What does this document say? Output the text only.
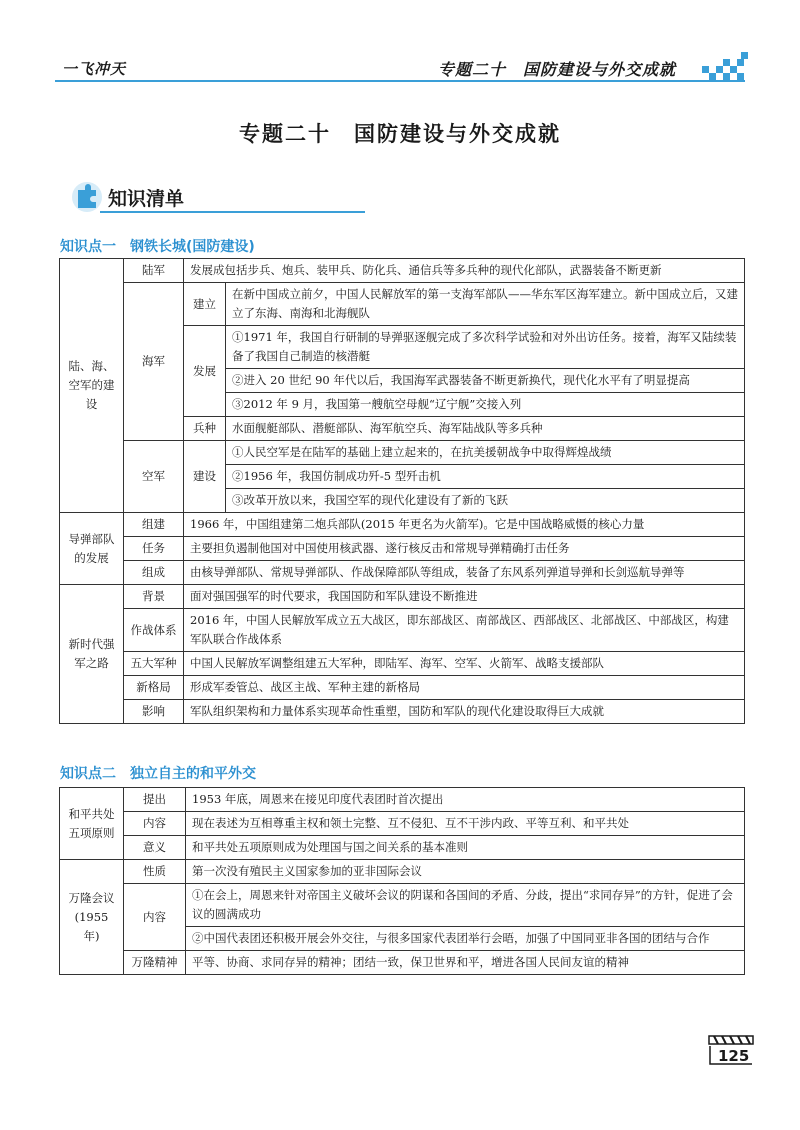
一飞冲天	专题二十　国防建设与外交成就
专题二十　国防建设与外交成就
知识清单
知识点一　钢铁长城(国防建设)
陆、海、空军的建设	陆军	发展成包括步兵、炮兵、装甲兵、防化兵、通信兵等多兵种的现代化部队，武器装备不断更新	
	海军	建立	在新中国成立前夕，中国人民解放军的第一支海军部队——华东军区海军建立。新中国成立后，又建立了东海、南海和北海舰队
		发展	①1971 年，我国自行研制的导弹驱逐舰完成了多次科学试验和对外出访任务。接着，海军又陆续装备了我国自己制造的核潜艇
			②进入 20 世纪 90 年代以后，我国海军武器装备不断更新换代，现代化水平有了明显提高
			③2012 年 9 月，我国第一艘航空母舰“辽宁舰”交接入列
		兵种	水面舰艇部队、潜艇部队、海军航空兵、海军陆战队等多兵种
	空军	建设	①人民空军是在陆军的基础上建立起来的，在抗美援朝战争中取得辉煌战绩
			②1956 年，我国仿制成功歼-5 型歼击机
			③改革开放以来，我国空军的现代化建设有了新的飞跃
导弹部队的发展	组建	1966 年，中国组建第二炮兵部队(2015 年更名为火箭军)。它是中国战略威慑的核心力量	
	任务	主要担负遏制他国对中国使用核武器、遂行核反击和常规导弹精确打击任务	
	组成	由核导弹部队、常规导弹部队、作战保障部队等组成，装备了东风系列弹道导弹和长剑巡航导弹等	
新时代强军之路	背景	面对强国强军的时代要求，我国国防和军队建设不断推进	
	作战体系	2016 年，中国人民解放军成立五大战区，即东部战区、南部战区、西部战区、北部战区、中部战区，构建军队联合作战体系	
	五大军种	中国人民解放军调整组建五大军种，即陆军、海军、空军、火箭军、战略支援部队	
	新格局	形成军委管总、战区主战、军种主建的新格局	
	影响	军队组织架构和力量体系实现革命性重塑，国防和军队的现代化建设取得巨大成就	
知识点二　独立自主的和平外交
和平共处五项原则	提出	1953 年底，周恩来在接见印度代表团时首次提出
	内容	现在表述为互相尊重主权和领土完整、互不侵犯、互不干涉内政、平等互利、和平共处
	意义	和平共处五项原则成为处理国与国之间关系的基本准则
万隆会议(1955 年)	性质	第一次没有殖民主义国家参加的亚非国际会议
	内容	①在会上，周恩来针对帝国主义破坏会议的阴谋和各国间的矛盾、分歧，提出“求同存异”的方针，促进了会议的圆满成功
		②中国代表团还积极开展会外交往，与很多国家代表团举行会晤，加强了中国同亚非各国的团结与合作
	万隆精神	平等、协商、求同存异的精神；团结一致，保卫世界和平，增进各国人民间友谊的精神
125
